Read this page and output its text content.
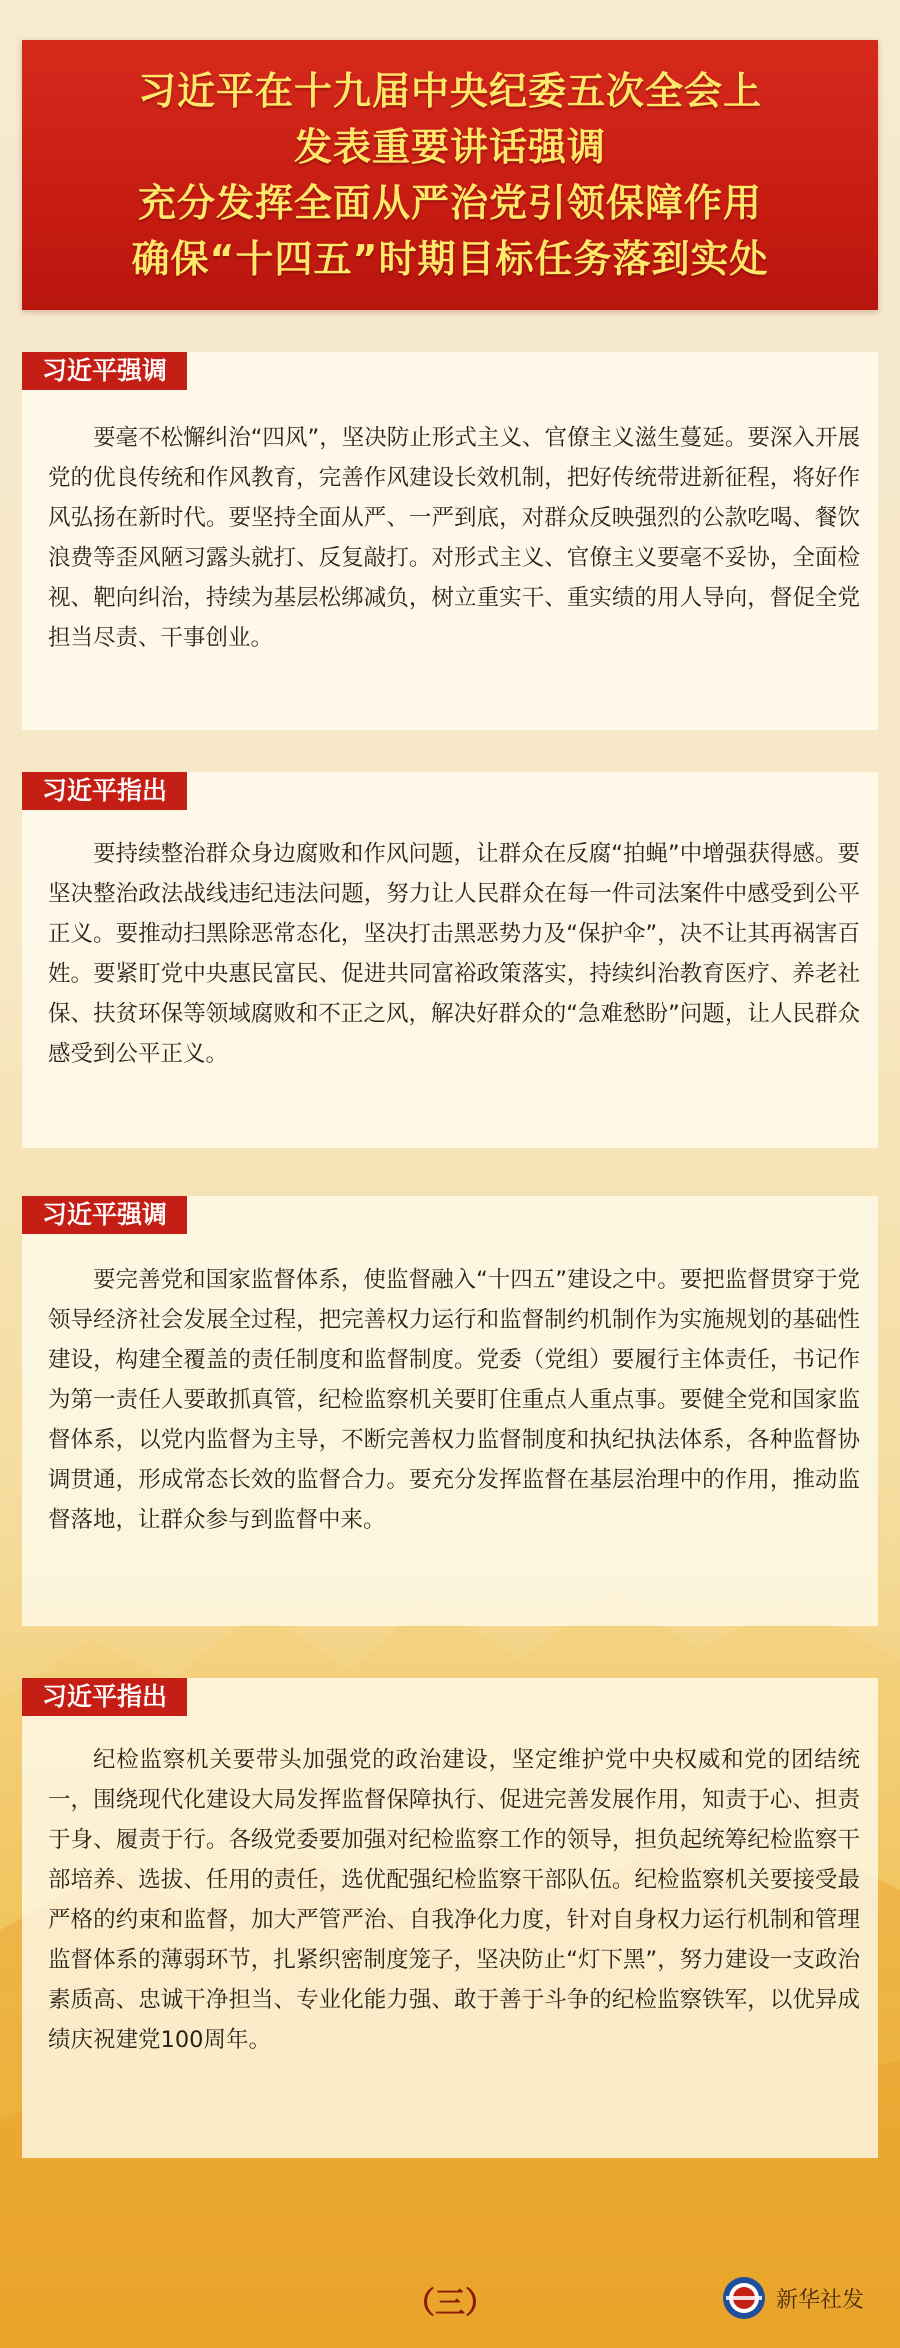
习近平在十九届中央纪委五次全会上
发表重要讲话强调
充分发挥全面从严治党引领保障作用
确保“十四五”时期目标任务落到实处
习近平强调
要毫不松懈纠治“四风”，坚决防止形式主义、官僚主义滋生蔓延。要深入开展党的优良传统和作风教育，完善作风建设长效机制，把好传统带进新征程，将好作风弘扬在新时代。要坚持全面从严、一严到底，对群众反映强烈的公款吃喝、餐饮浪费等歪风陋习露头就打、反复敲打。对形式主义、官僚主义要毫不妥协，全面检视、靶向纠治，持续为基层松绑减负，树立重实干、重实绩的用人导向，督促全党担当尽责、干事创业。
习近平指出
要持续整治群众身边腐败和作风问题，让群众在反腐“拍蝇”中增强获得感。要坚决整治政法战线违纪违法问题，努力让人民群众在每一件司法案件中感受到公平正义。要推动扫黑除恶常态化，坚决打击黑恶势力及“保护伞”，决不让其再祸害百姓。要紧盯党中央惠民富民、促进共同富裕政策落实，持续纠治教育医疗、养老社保、扶贫环保等领域腐败和不正之风，解决好群众的“急难愁盼”问题，让人民群众感受到公平正义。
习近平强调
要完善党和国家监督体系，使监督融入“十四五”建设之中。要把监督贯穿于党领导经济社会发展全过程，把完善权力运行和监督制约机制作为实施规划的基础性建设，构建全覆盖的责任制度和监督制度。党委（党组）要履行主体责任，书记作为第一责任人要敢抓真管，纪检监察机关要盯住重点人重点事。要健全党和国家监督体系，以党内监督为主导，不断完善权力监督制度和执纪执法体系，各种监督协调贯通，形成常态长效的监督合力。要充分发挥监督在基层治理中的作用，推动监督落地，让群众参与到监督中来。
习近平指出
纪检监察机关要带头加强党的政治建设，坚定维护党中央权威和党的团结统一，围绕现代化建设大局发挥监督保障执行、促进完善发展作用，知责于心、担责于身、履责于行。各级党委要加强对纪检监察工作的领导，担负起统筹纪检监察干部培养、选拔、任用的责任，选优配强纪检监察干部队伍。纪检监察机关要接受最严格的约束和监督，加大严管严治、自我净化力度，针对自身权力运行机制和管理监督体系的薄弱环节，扎紧织密制度笼子，坚决防止“灯下黑”，努力建设一支政治素质高、忠诚干净担当、专业化能力强、敢于善于斗争的纪检监察铁军，以优异成绩庆祝建党100周年。
（三）	新华社发
